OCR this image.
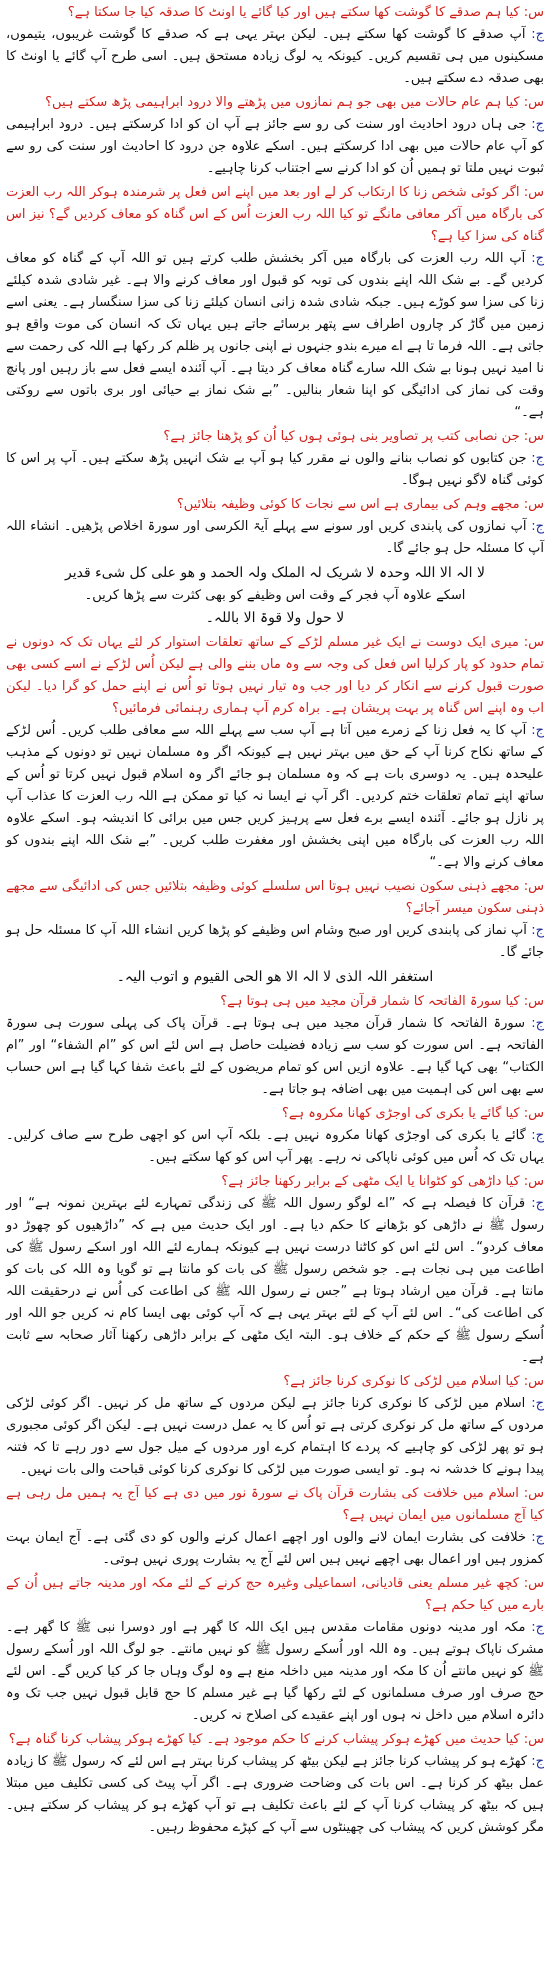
س: کیا ہم صدقے کا گوشت کھا سکتے ہیں اور کیا گائے یا اونٹ کا صدقہ کیا جا سکتا ہے؟
ج: آپ صدقے کا گوشت کھا سکتے ہیں۔ لیکن بہتر یہی ہے کہ صدقے کا گوشت غریبوں، یتیموں، مسکینوں میں ہی تقسیم کریں۔ کیونکہ یہ لوگ زیادہ مستحق ہیں۔ اسی طرح آپ گائے یا اونٹ کا بھی صدقہ دے سکتے ہیں۔
س: کیا ہم عام حالات میں بھی جو ہم نمازوں میں پڑھتے والا درود ابراہیمی پڑھ سکتے ہیں؟
ج: جی ہاں درود احادیث اور سنت کی رو سے جائز ہے آپ ان کو ادا کرسکتے ہیں۔ درود ابراہیمی کو آپ عام حالات میں بھی ادا کرسکتے ہیں۔ اسکے علاوہ جن درود کا احادیث اور سنت کی رو سے ثبوت نہیں ملتا تو ہمیں اُن کو ادا کرنے سے اجتناب کرنا چاہیے۔
س: اگر کوئی شخص زنا کا ارتکاب کر لے اور بعد میں اپنے اس فعل پر شرمندہ ہوکر اللہ رب العزت کی بارگاہ میں آکر معافی مانگے تو کیا اللہ رب العزت اُس کے اس گناہ کو معاف کردیں گے؟ نیز اس گناہ کی سزا کیا ہے؟
ج: آپ اللہ رب العزت کی بارگاہ میں آکر بخشش طلب کرتے ہیں تو اللہ آپ کے گناہ کو معاف کردیں گے۔ بے شک اللہ اپنے بندوں کی توبہ کو قبول اور معاف کرنے والا ہے۔ غیر شادی شدہ کیلئے زنا کی سزا سو کوڑے ہیں۔ جبکہ شادی شدہ زانی انسان کیلئے زنا کی سزا سنگسار ہے۔ یعنی اسے زمین میں گاڑ کر چاروں اطراف سے پتھر برسائے جاتے ہیں یہاں تک کہ انسان کی موت واقع ہو جاتی ہے۔ اللہ فرما تا ہے اے میرے بندو جنہوں نے اپنی جانوں پر ظلم کر رکھا ہے اللہ کی رحمت سے نا امید نہیں ہونا بے شک اللہ سارے گناہ معاف کر دیتا ہے۔ آپ آئندہ ایسے فعل سے باز رہیں اور پانچ وقت کی نماز کی ادائیگی کو اپنا شعار بنالیں۔ ”بے شک نماز بے حیائی اور بری باتوں سے روکتی ہے۔“
س: جن نصابی کتب پر تصاویر بنی ہوئی ہوں کیا اُن کو پڑھنا جائز ہے؟
ج: جن کتابوں کو نصاب بنانے والوں نے مقرر کیا ہو آپ بے شک انہیں پڑھ سکتے ہیں۔ آپ پر اس کا کوئی گناہ لاگو نہیں ہوگا۔
س: مجھے وہم کی بیماری ہے اس سے نجات کا کوئی وظیفہ بتلائیں؟
ج: آپ نمازوں کی پابندی کریں اور سونے سے پہلے آیۃ الکرسی اور سورۃ اخلاص پڑھیں۔ انشاء اللہ آپ کا مسئلہ حل ہو جائے گا۔
لا الہ الا اللہ وحدہ لا شریک لہ الملک ولہ الحمد و ھو علی کل شیء قدیر
اسکے علاوہ آپ فجر کے وقت اس وظیفے کو بھی کثرت سے پڑھا کریں۔
لا حول ولا قوۃ الا باللہ۔
س: میری ایک دوست نے ایک غیر مسلم لڑکے کے ساتھ تعلقات استوار کر لئے یہاں تک کہ دونوں نے تمام حدود کو پار کرلیا اس فعل کی وجہ سے وہ ماں بننے والی ہے لیکن اُس لڑکے نے اسے کسی بھی صورت قبول کرنے سے انکار کر دیا اور جب وہ تیار نہیں ہوتا تو اُس نے اپنے حمل کو گرا دیا۔ لیکن اب وہ اپنے اس گناہ پر بہت پریشان ہے۔ براہ کرم آپ ہماری رہنمائی فرمائیں؟
ج: آپ کا یہ فعل زنا کے زمرے میں آتا ہے آپ سب سے پہلے اللہ سے معافی طلب کریں۔ اُس لڑکے کے ساتھ نکاح کرنا آپ کے حق میں بہتر نہیں ہے کیونکہ اگر وہ مسلمان نہیں تو دونوں کے مذہب علیحدہ ہیں۔ یہ دوسری بات ہے کہ وہ مسلمان ہو جائے اگر وہ اسلام قبول نہیں کرتا تو اُس کے ساتھ اپنے تمام تعلقات ختم کردیں۔ اگر آپ نے ایسا نہ کیا تو ممکن ہے اللہ رب العزت کا عذاب آپ پر نازل ہو جائے۔ آئندہ ایسے برے فعل سے پرہیز کریں جس میں برائی کا اندیشہ ہو۔ اسکے علاوہ اللہ رب العزت کی بارگاہ میں اپنی بخشش اور مغفرت طلب کریں۔ ”بے شک اللہ اپنے بندوں کو معاف کرنے والا ہے۔“
س: مجھے ذہنی سکون نصیب نہیں ہوتا اس سلسلے کوئی وظیفہ بتلائیں جس کی ادائیگی سے مجھے ذہنی سکون میسر آجائے؟
ج: آپ نماز کی پابندی کریں اور صبح وشام اس وظیفے کو پڑھا کریں انشاء اللہ آپ کا مسئلہ حل ہو جائے گا۔
استغفر اللہ الذی لا الہ الا ھو الحی القیوم و اتوب الیہ۔
س: کیا سورۃ الفاتحہ کا شمار قرآن مجید میں ہی ہوتا ہے؟
ج: سورۃ الفاتحہ کا شمار قرآن مجید میں ہی ہوتا ہے۔ قرآن پاک کی پہلی سورت ہی سورۃ الفاتحہ ہے۔ اس سورت کو سب سے زیادہ فضیلت حاصل ہے اس لئے اس کو ”ام الشفاء“ اور ”ام الکتاب“ بھی کہا گیا ہے۔ علاوہ ازیں اس کو تمام مریضوں کے لئے باعث شفا کہا گیا ہے اس حساب سے بھی اس کی اہمیت میں بھی اضافہ ہو جاتا ہے۔
س: کیا گائے یا بکری کی اوجڑی کھانا مکروہ ہے؟
ج: گائے یا بکری کی اوجڑی کھانا مکروہ نہیں ہے۔ بلکہ آپ اس کو اچھی طرح سے صاف کرلیں۔ یہاں تک کہ اُس میں کوئی ناپاکی نہ رہے۔ پھر آپ اس کو کھا سکتے ہیں۔
س: کیا داڑھی کو کٹوانا یا ایک مٹھی کے برابر رکھنا جائز ہے؟
ج: قرآن کا فیصلہ ہے کہ ”اے لوگو رسول اللہ ﷺ کی زندگی تمہارے لئے بہترین نمونہ ہے“ اور رسول ﷺ نے داڑھی کو بڑھانے کا حکم دیا ہے۔ اور ایک حدیث میں ہے کہ ”داڑھیوں کو چھوڑ دو معاف کردو“۔ اس لئے اس کو کاٹنا درست نہیں ہے کیونکہ ہمارے لئے اللہ اور اسکے رسول ﷺ کی اطاعت میں ہی نجات ہے۔ جو شخص رسول ﷺ کی بات کو مانتا ہے تو گویا وہ اللہ کی بات کو مانتا ہے۔ قرآن میں ارشاد ہوتا ہے ”جس نے رسول اللہ ﷺ کی اطاعت کی اُس نے درحقیقت اللہ کی اطاعت کی“۔ اس لئے آپ کے لئے بہتر یہی ہے کہ آپ کوئی بھی ایسا کام نہ کریں جو اللہ اور اُسکے رسول ﷺ کے حکم کے خلاف ہو۔ البتہ ایک مٹھی کے برابر داڑھی رکھنا آثار صحابہ سے ثابت ہے۔
س: کیا اسلام میں لڑکی کا نوکری کرنا جائز ہے؟
ج: اسلام میں لڑکی کا نوکری کرنا جائز ہے لیکن مردوں کے ساتھ مل کر نہیں۔ اگر کوئی لڑکی مردوں کے ساتھ مل کر نوکری کرتی ہے تو اُس کا یہ عمل درست نہیں ہے۔ لیکن اگر کوئی مجبوری ہو تو پھر لڑکی کو چاہیے کہ پردے کا اہتمام کرے اور مردوں کے میل جول سے دور رہے تا کہ فتنہ پیدا ہونے کا خدشہ نہ ہو۔ تو ایسی صورت میں لڑکی کا نوکری کرنا کوئی قباحت والی بات نہیں۔
س: اسلام میں خلافت کی بشارت قرآن پاک نے سورۃ نور میں دی ہے کیا آج یہ ہمیں مل رہی ہے کیا آج مسلمانوں میں ایمان نہیں ہے؟
ج: خلافت کی بشارت ایمان لانے والوں اور اچھے اعمال کرنے والوں کو دی گئی ہے۔ آج ایمان بہت کمزور ہیں اور اعمال بھی اچھے نہیں ہیں اس لئے آج یہ بشارت پوری نہیں ہوتی۔
س: کچھ غیر مسلم یعنی قادیانی، اسماعیلی وغیرہ حج کرنے کے لئے مکہ اور مدینہ جاتے ہیں اُن کے بارے میں کیا حکم ہے؟
ج: مکہ اور مدینہ دونوں مقامات مقدس ہیں ایک اللہ کا گھر ہے اور دوسرا نبی ﷺ کا گھر ہے۔ مشرک ناپاک ہوتے ہیں۔ وہ اللہ اور اُسکے رسول ﷺ کو نہیں مانتے۔ جو لوگ اللہ اور اُسکے رسول ﷺ کو نہیں مانتے اُن کا مکہ اور مدینہ میں داخلہ منع ہے وہ لوگ وہاں جا کر کیا کریں گے۔ اس لئے حج صرف اور صرف مسلمانوں کے لئے رکھا گیا ہے غیر مسلم کا حج قابل قبول نہیں جب تک وہ دائرہ اسلام میں داخل نہ ہوں اور اپنے عقیدے کی اصلاح نہ کریں۔
س: کیا حدیث میں کھڑے ہوکر پیشاب کرنے کا حکم موجود ہے۔ کیا کھڑے ہوکر پیشاب کرنا گناہ ہے؟
ج: کھڑے ہو کر پیشاب کرنا جائز ہے لیکن بیٹھ کر پیشاب کرنا بہتر ہے اس لئے کہ رسول ﷺ کا زیادہ عمل بیٹھ کر کرنا ہے۔ اس بات کی وضاحت ضروری ہے۔ اگر آپ پیٹ کی کسی تکلیف میں مبتلا ہیں کہ بیٹھ کر پیشاب کرنا آپ کے لئے باعث تکلیف ہے تو آپ کھڑے ہو کر پیشاب کر سکتے ہیں۔ مگر کوشش کریں کہ پیشاب کی چھینٹوں سے آپ کے کپڑے محفوظ رہیں۔
